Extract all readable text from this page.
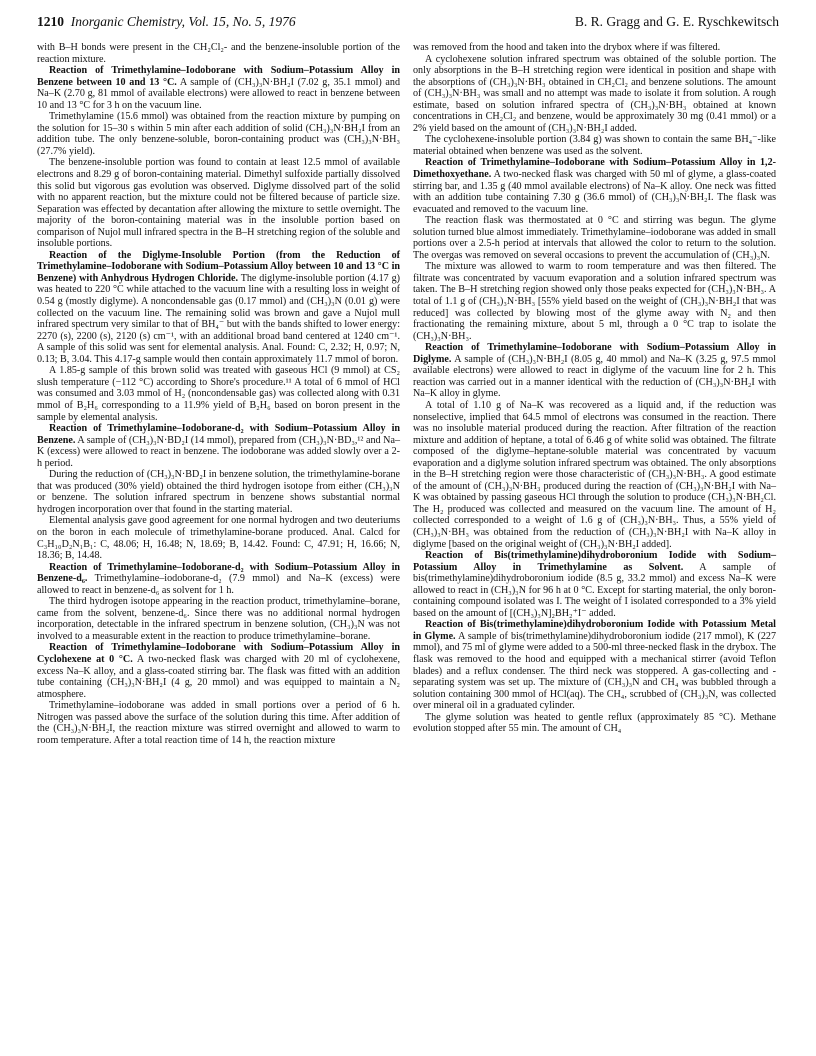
1210 Inorganic Chemistry, Vol. 15, No. 5, 1976	B. R. Gragg and G. E. Ryschkewitsch

with B–H bonds were present in the CH₂Cl₂- and the benzene-insoluble portion of the reaction mixture.

Reaction of Trimethylamine–Iodoborane with Sodium–Potassium Alloy in Benzene between 10 and 13 °C. A sample of (CH₃)₃N·BH₂I (7.02 g, 35.1 mmol) and Na–K (2.70 g, 81 mmol of available electrons) were allowed to react in benzene between 10 and 13 °C for 3 h on the vacuum line.

Trimethylamine (15.6 mmol) was obtained from the reaction mixture by pumping on the solution for 15–30 s within 5 min after each addition of solid (CH₃)₃N·BH₂I from an addition tube. The only benzene-soluble, boron-containing product was (CH₃)₃N·BH₃ (27.7% yield).

The benzene-insoluble portion was found to contain at least 12.5 mmol of available electrons and 8.29 g of boron-containing material. Dimethyl sulfoxide partially dissolved this solid but vigorous gas evolution was observed. Diglyme dissolved part of the solid with no apparent reaction, but the mixture could not be filtered because of particle size. Separation was effected by decantation after allowing the mixture to settle overnight. The majority of the boron-containing material was in the insoluble portion based on comparison of Nujol mull infrared spectra in the B–H stretching region of the soluble and insoluble portions.

Reaction of the Diglyme-Insoluble Portion (from the Reduction of Trimethylamine–Iodoborane with Sodium–Potassium Alloy between 10 and 13 °C in Benzene) with Anhydrous Hydrogen Chloride. The diglyme-insoluble portion (4.17 g) was heated to 220 °C while attached to the vacuum line with a resulting loss in weight of 0.54 g (mostly diglyme). A noncondensable gas (0.17 mmol) and (CH₃)₃N (0.01 g) were collected on the vacuum line. The remaining solid was brown and gave a Nujol mull infrared spectrum very similar to that of BH₄⁻ but with the bands shifted to lower energy: 2270 (s), 2200 (s), 2120 (s) cm⁻¹, with an additional broad band centered at 1240 cm⁻¹. A sample of this solid was sent for elemental analysis. Anal. Found: C, 2.32; H, 0.97; N, 0.13; B, 3.04. This 4.17-g sample would then contain approximately 11.7 mmol of boron.

A 1.85-g sample of this brown solid was treated with gaseous HCl (9 mmol) at CS₂ slush temperature (−112 °C) according to Shore's procedure.¹¹ A total of 6 mmol of HCl was consumed and 3.03 mmol of H₂ (noncondensable gas) was collected along with 0.31 mmol of B₂H₆ corresponding to a 11.9% yield of B₂H₆ based on boron present in the sample by elemental analysis.

Reaction of Trimethylamine–Iodoborane-d₂ with Sodium–Potassium Alloy in Benzene. A sample of (CH₃)₃N·BD₂I (14 mmol), prepared from (CH₃)₃N·BD₃,¹² and Na–K (excess) were allowed to react in benzene. The iodoborane was added slowly over a 2-h period.

During the reduction of (CH₃)₃N·BD₂I in benzene solution, the trimethylamine-borane that was produced (30% yield) obtained the third hydrogen isotope from either (CH₃)₃N or benzene. The solution infrared spectrum in benzene shows substantial normal hydrogen incorporation over that found in the starting material.

Elemental analysis gave good agreement for one normal hydrogen and two deuteriums on the boron in each molecule of trimethylamine-borane produced. Anal. Calcd for C₃H₁₀D₂N₁B₁: C, 48.06; H, 16.48; N, 18.69; B, 14.42. Found: C, 47.91; H, 16.66; N, 18.36; B, 14.48.

Reaction of Trimethylamine–Iodoborane-d₂ with Sodium–Potassium Alloy in Benzene-d₆. Trimethylamine–iodoborane-d₂ (7.9 mmol) and Na–K (excess) were allowed to react in benzene-d₆ as solvent for 1 h.

The third hydrogen isotope appearing in the reaction product, trimethylamine–borane, came from the solvent, benzene-d₆. Since there was no additional normal hydrogen incorporation, detectable in the infrared spectrum in benzene solution, (CH₃)₃N was not involved to a measurable extent in the reaction to produce trimethylamine–borane.

Reaction of Trimethylamine–Iodoborane with Sodium–Potassium Alloy in Cyclohexene at 0 °C. A two-necked flask was charged with 20 ml of cyclohexene, excess Na–K alloy, and a glass-coated stirring bar. The flask was fitted with an addition tube containing (CH₃)₃N·BH₂I (4 g, 20 mmol) and was equipped to maintain a N₂ atmosphere.

Trimethylamine–iodoborane was added in small portions over a period of 6 h. Nitrogen was passed above the surface of the solution during this time. After addition of the (CH₃)₃N·BH₂I, the reaction mixture was stirred overnight and allowed to warm to room temperature. After a total reaction time of 14 h, the reaction mixture

was removed from the hood and taken into the drybox where if was filtered.

A cyclohexene solution infrared spectrum was obtained of the soluble portion. The only absorptions in the B–H stretching region were identical in position and shape with the absorptions of (CH₃)₃N·BH₃ obtained in CH₂Cl₂ and benzene solutions. The amount of (CH₃)₃N·BH₃ was small and no attempt was made to isolate it from solution. A rough estimate, based on solution infrared spectra of (CH₃)₃N·BH₃ obtained at known concentrations in CH₂Cl₂ and benzene, would be approximately 30 mg (0.41 mmol) or a 2% yield based on the amount of (CH₃)₃N·BH₂I added.

The cyclohexene-insoluble portion (3.84 g) was shown to contain the same BH₄⁻-like material obtained when benzene was used as the solvent.

Reaction of Trimethylamine–Iodoborane with Sodium–Potassium Alloy in 1,2-Dimethoxyethane. A two-necked flask was charged with 50 ml of glyme, a glass-coated stirring bar, and 1.35 g (40 mmol available electrons) of Na–K alloy. One neck was fitted with an addition tube containing 7.30 g (36.6 mmol) of (CH₃)₃N·BH₂I. The flask was evacuated and removed to the vacuum line.

The reaction flask was thermostated at 0 °C and stirring was begun. The glyme solution turned blue almost immediately. Trimethylamine–iodoborane was added in small portions over a 2.5-h period at intervals that allowed the color to return to the solution. The overgas was removed on several occasions to prevent the accumulation of (CH₃)₃N.

The mixture was allowed to warm to room temperature and was then filtered. The filtrate was concentrated by vacuum evaporation and a solution infrared spectrum was taken. The B–H stretching region showed only those peaks expected for (CH₃)₃N·BH₃. A total of 1.1 g of (CH₃)₃N·BH₃ [55% yield based on the weight of (CH₃)₃N·BH₂I that was reduced] was collected by blowing most of the glyme away with N₂ and then fractionating the remaining mixture, about 5 ml, through a 0 °C trap to isolate the (CH₃)₃N·BH₃.

Reaction of Trimethylamine–Iodoborane with Sodium–Potassium Alloy in Diglyme. A sample of (CH₃)₃N·BH₂I (8.05 g, 40 mmol) and Na–K (3.25 g, 97.5 mmol available electrons) were allowed to react in diglyme of the vacuum line for 2 h. This reaction was carried out in a manner identical with the reduction of (CH₃)₃N·BH₂I with Na–K alloy in glyme.

A total of 1.10 g of Na–K was recovered as a liquid and, if the reduction was nonselective, implied that 64.5 mmol of electrons was consumed in the reaction. There was no insoluble material produced during the reaction. After filtration of the reaction mixture and addition of heptane, a total of 6.46 g of white solid was obtained. The filtrate composed of the diglyme–heptane-soluble material was concentrated by vacuum evaporation and a diglyme solution infrared spectrum was obtained. The only absorptions in the B–H stretching region were those characteristic of (CH₃)₃N·BH₃. A good estimate of the amount of (CH₃)₃N·BH₃ produced during the reaction of (CH₃)₃N·BH₂I with Na–K was obtained by passing gaseous HCl through the solution to produce (CH₃)₃N·BH₂Cl. The H₂ produced was collected and measured on the vacuum line. The amount of H₂ collected corresponded to a weight of 1.6 g of (CH₃)₃N·BH₃. Thus, a 55% yield of (CH₃)₃N·BH₃ was obtained from the reduction of (CH₃)₃N·BH₂I with Na–K alloy in diglyme [based on the original weight of (CH₃)₃N·BH₂I added].

Reaction of Bis(trimethylamine)dihydroboronium Iodide with Sodium–Potassium Alloy in Trimethylamine as Solvent. A sample of bis(trimethylamine)dihydroboronium iodide (8.5 g, 33.2 mmol) and excess Na–K were allowed to react in (CH₃)₃N for 96 h at 0 °C. Except for starting material, the only boron-containing compound isolated was I. The weight of I isolated corresponded to a 3% yield based on the amount of [(CH₃)₃N]₂BH₂⁺I⁻ added.

Reaction of Bis(trimethylamine)dihydroboronium Iodide with Potassium Metal in Glyme. A sample of bis(trimethylamine)dihydroboronium iodide (217 mmol), K (227 mmol), and 75 ml of glyme were added to a 500-ml three-necked flask in the drybox. The flask was removed to the hood and equipped with a mechanical stirrer (avoid Teflon blades) and a reflux condenser. The third neck was stoppered. A gas-collecting and -separating system was set up. The mixture of (CH₃)₃N and CH₄ was bubbled through a solution containing 300 mmol of HCl(aq). The CH₄, scrubbed of (CH₃)₃N, was collected over mineral oil in a graduated cylinder.

The glyme solution was heated to gentle reflux (approximately 85 °C). Methane evolution stopped after 55 min. The amount of CH₄
